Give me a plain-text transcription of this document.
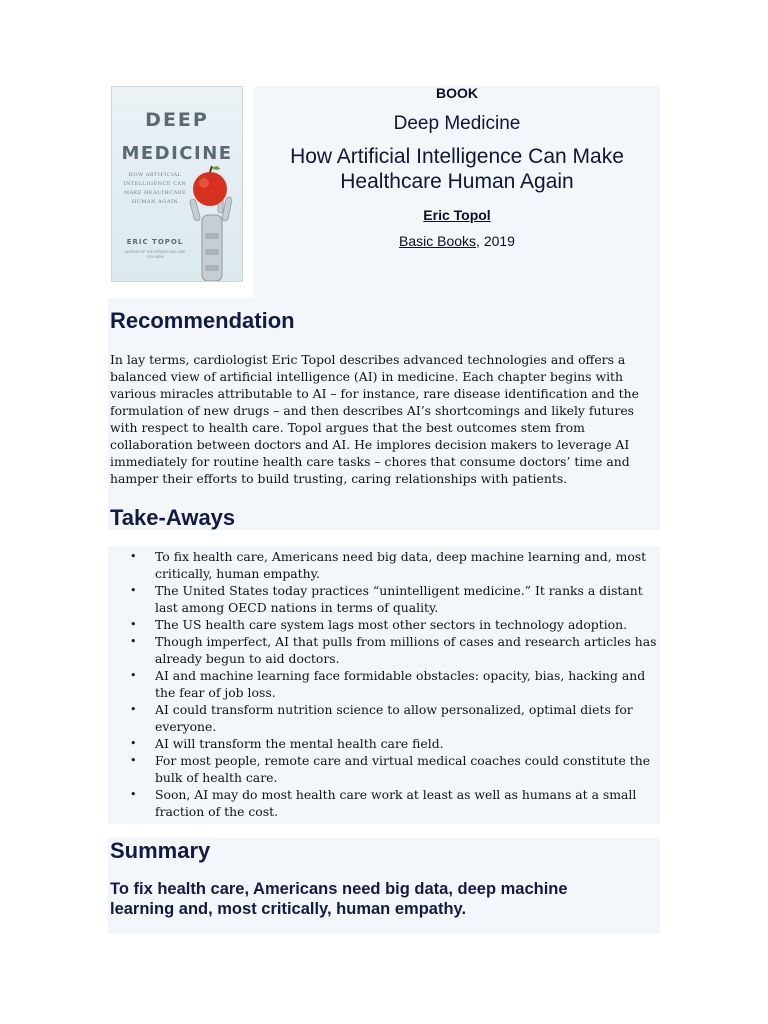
DEEP
MEDICINE
HOW ARTIFICIAL INTELLIGENCE CAN MAKE HEALTHCARE HUMAN AGAIN
ERIC TOPOL
AUTHOR OF THE PATIENT WILL SEE YOU NOW
BOOK
Deep Medicine
How Artificial Intelligence Can Make Healthcare Human Again
Eric Topol
Basic Books, 2019
Recommendation

In lay terms, cardiologist Eric Topol describes advanced technologies and offers a balanced view of artificial intelligence (AI) in medicine. Each chapter begins with various miracles attributable to AI – for instance, rare disease identification and the formulation of new drugs – and then describes AI’s shortcomings and likely futures with respect to health care. Topol argues that the best outcomes stem from collaboration between doctors and AI. He implores decision makers to leverage AI immediately for routine health care tasks – chores that consume doctors’ time and hamper their efforts to build trusting, caring relationships with patients.

Take-Aways
• To fix health care, Americans need big data, deep machine learning and, most critically, human empathy.
• The United States today practices “unintelligent medicine.” It ranks a distant last among OECD nations in terms of quality.
• The US health care system lags most other sectors in technology adoption.
• Though imperfect, AI that pulls from millions of cases and research articles has already begun to aid doctors.
• AI and machine learning face formidable obstacles: opacity, bias, hacking and the fear of job loss.
• AI could transform nutrition science to allow personalized, optimal diets for everyone.
• AI will transform the mental health care field.
• For most people, remote care and virtual medical coaches could constitute the bulk of health care.
• Soon, AI may do most health care work at least as well as humans at a small fraction of the cost.
Summary

To fix health care, Americans need big data, deep machine learning and, most critically, human empathy.
